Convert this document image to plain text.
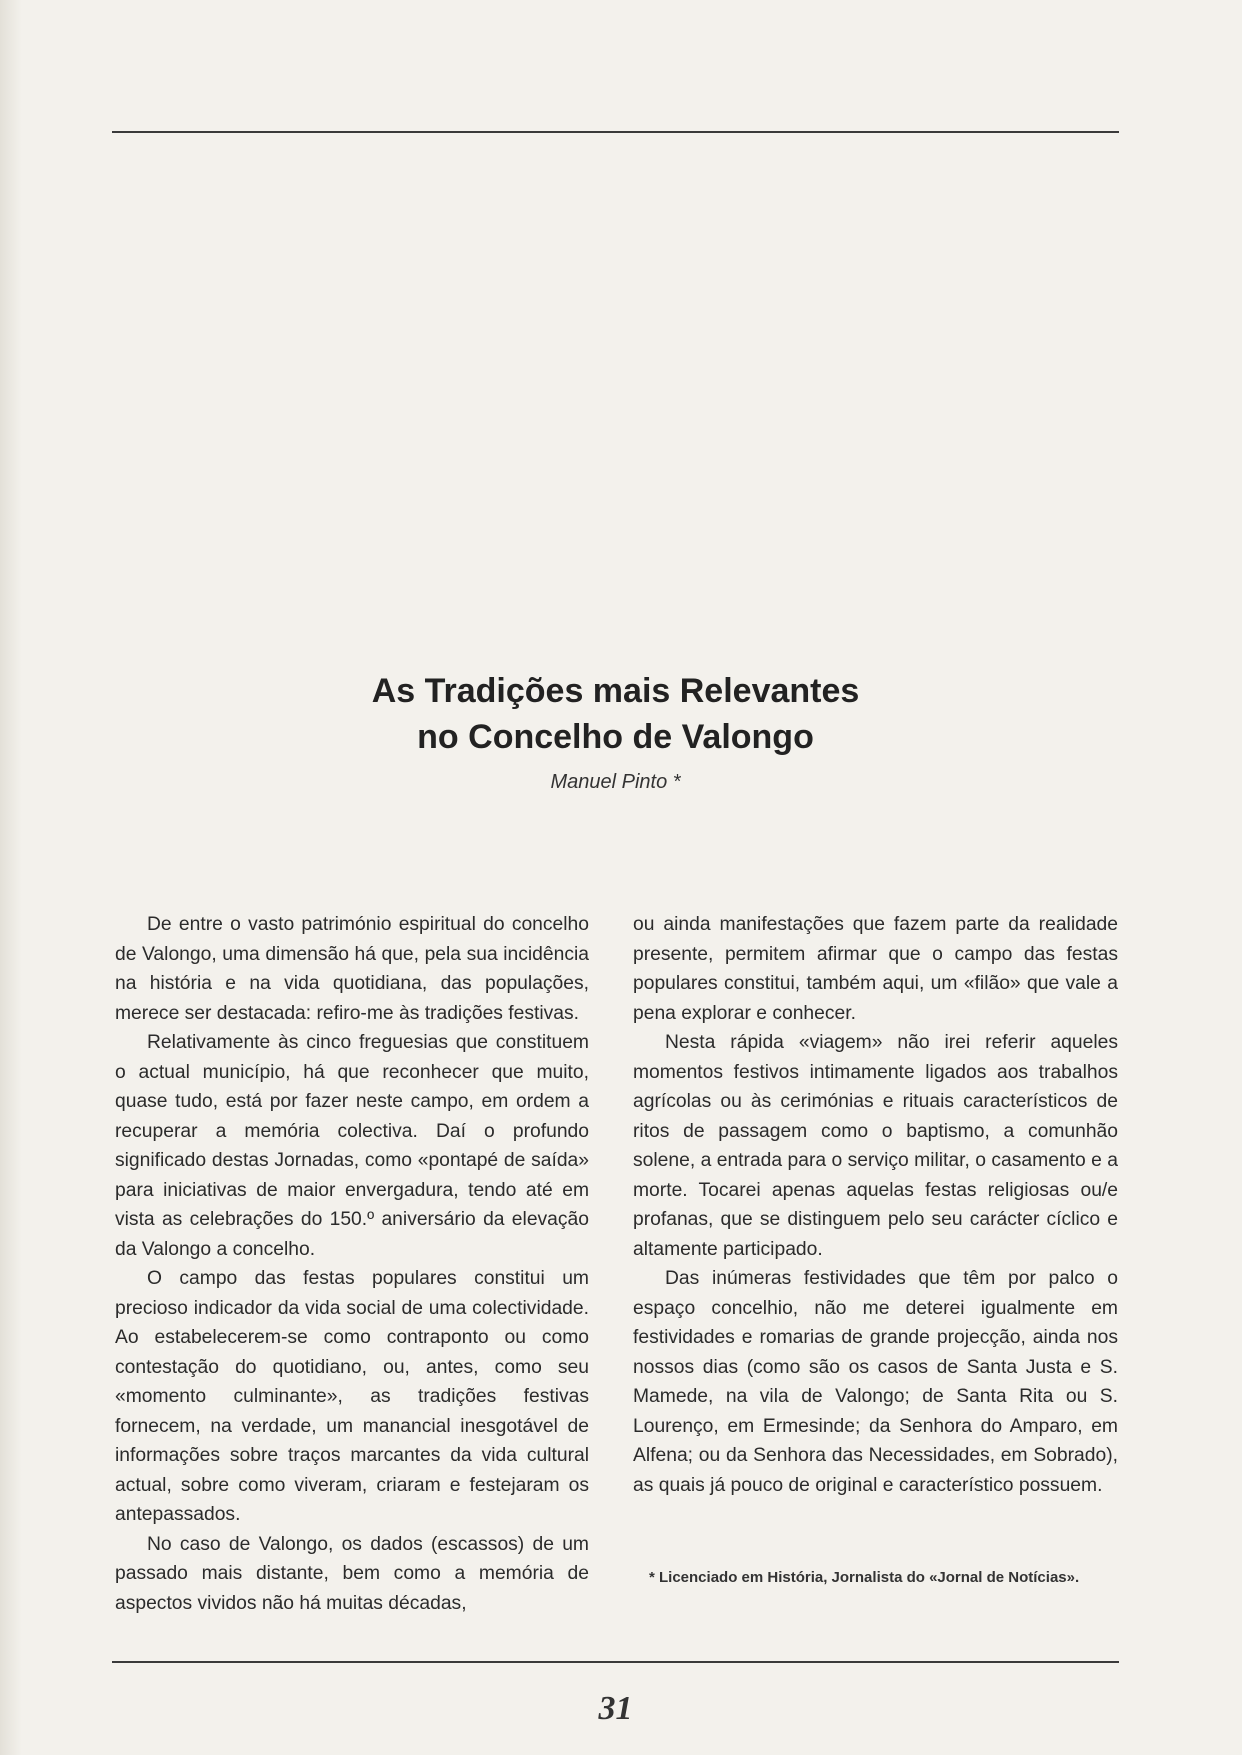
As Tradições mais Relevantes
no Concelho de Valongo
Manuel Pinto *

De entre o vasto património espiritual do concelho de Valongo, uma dimensão há que, pela sua incidência na história e na vida quotidiana, das populações, merece ser destacada: refiro-me às tradições festivas.

Relativamente às cinco freguesias que constituem o actual município, há que reconhecer que muito, quase tudo, está por fazer neste campo, em ordem a recuperar a memória colectiva. Daí o profundo significado destas Jornadas, como «pontapé de saída» para iniciativas de maior envergadura, tendo até em vista as celebrações do 150.º aniversário da elevação da Valongo a concelho.

O campo das festas populares constitui um precioso indicador da vida social de uma colectividade. Ao estabelecerem-se como contraponto ou como contestação do quotidiano, ou, antes, como seu «momento culminante», as tradições festivas fornecem, na verdade, um manancial inesgotável de informações sobre traços marcantes da vida cultural actual, sobre como viveram, criaram e festejaram os antepassados.

No caso de Valongo, os dados (escassos) de um passado mais distante, bem como a memória de aspectos vividos não há muitas décadas,

ou ainda manifestações que fazem parte da realidade presente, permitem afirmar que o campo das festas populares constitui, também aqui, um «filão» que vale a pena explorar e conhecer.

Nesta rápida «viagem» não irei referir aqueles momentos festivos intimamente ligados aos trabalhos agrícolas ou às cerimónias e rituais característicos de ritos de passagem como o baptismo, a comunhão solene, a entrada para o serviço militar, o casamento e a morte. Tocarei apenas aquelas festas religiosas ou/e profanas, que se distinguem pelo seu carácter cíclico e altamente participado.

Das inúmeras festividades que têm por palco o espaço concelhio, não me deterei igualmente em festividades e romarias de grande projecção, ainda nos nossos dias (como são os casos de Santa Justa e S. Mamede, na vila de Valongo; de Santa Rita ou S. Lourenço, em Ermesinde; da Senhora do Amparo, em Alfena; ou da Senhora das Necessidades, em Sobrado), as quais já pouco de original e característico possuem.

* Licenciado em História, Jornalista do «Jornal de Notícias».
31
